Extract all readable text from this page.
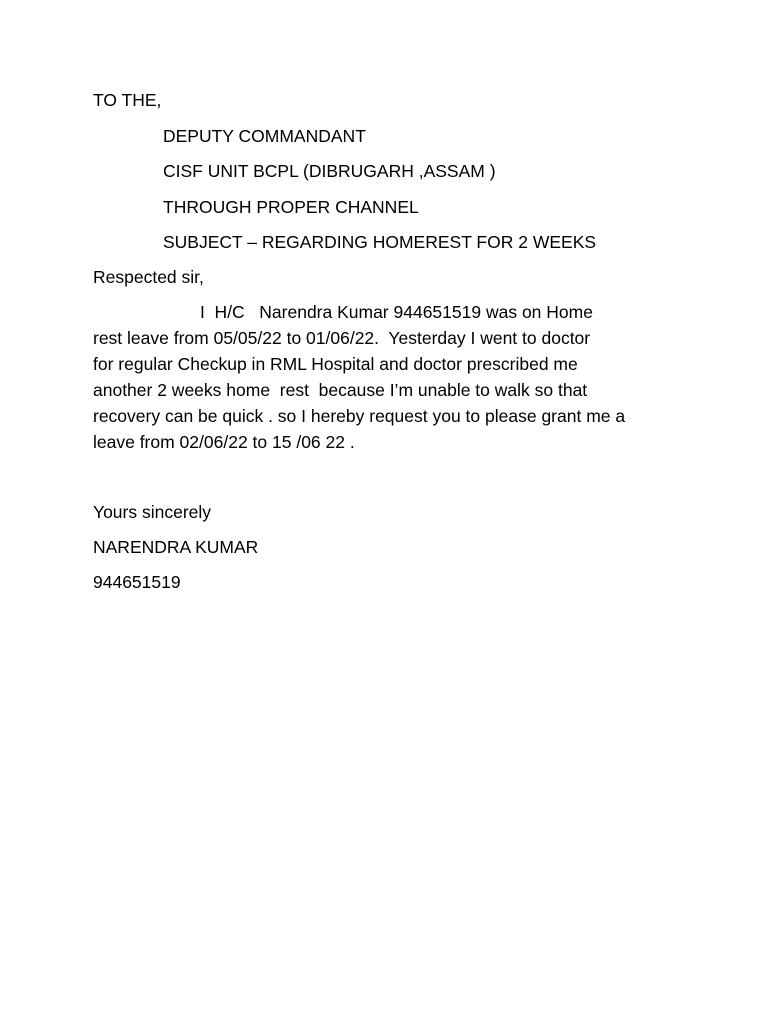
TO THE,
DEPUTY COMMANDANT
CISF UNIT BCPL (DIBRUGARH ,ASSAM )
THROUGH PROPER CHANNEL
SUBJECT – REGARDING HOMEREST FOR 2 WEEKS
Respected sir,
I  H/C   Narendra Kumar 944651519 was on Home
rest leave from 05/05/22 to 01/06/22.  Yesterday I went to doctor
for regular Checkup in RML Hospital and doctor prescribed me
another 2 weeks home  rest  because I’m unable to walk so that
recovery can be quick . so I hereby request you to please grant me a
leave from 02/06/22 to 15 /06 22 .
Yours sincerely
NARENDRA KUMAR
944651519
